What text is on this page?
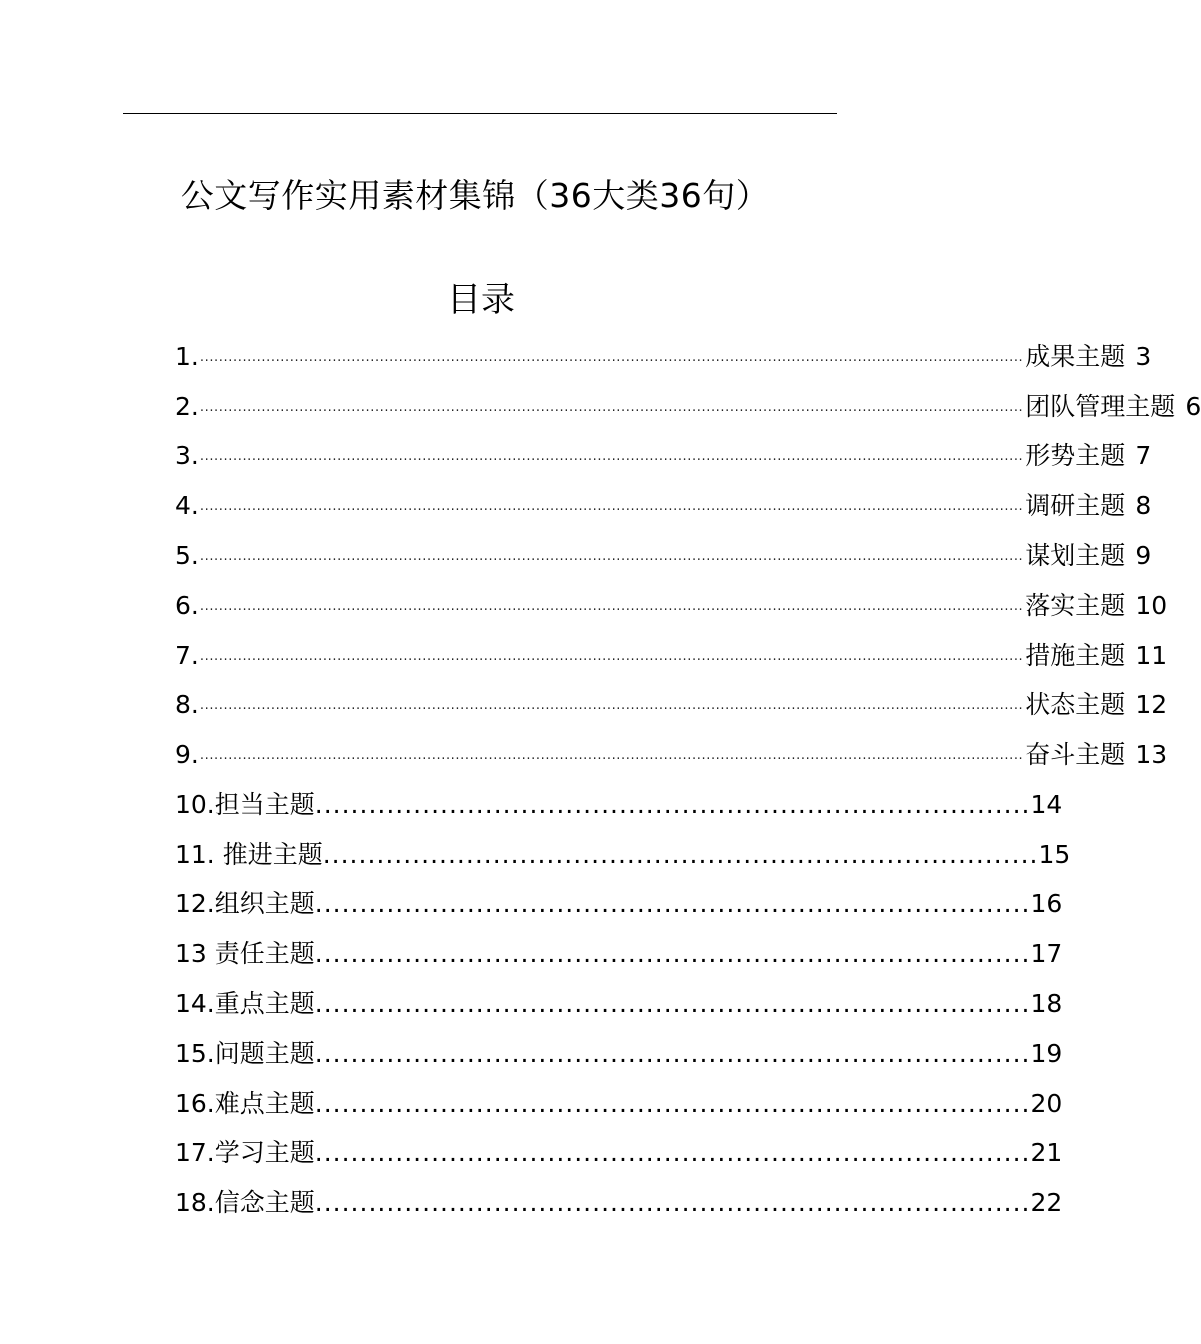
公文写作实用素材集锦（36大类36句）
目录
1. .............................................................................................................................................................................. 成果主题 3
2. .............................................................................................................................................................................. 团队管理主题 6
3. .............................................................................................................................................................................. 形势主题 7
4. .............................................................................................................................................................................. 调研主题 8
5. .............................................................................................................................................................................. 谋划主题 9
6. .............................................................................................................................................................................. 落实主题 10
7. .............................................................................................................................................................................. 措施主题 11
8. .............................................................................................................................................................................. 状态主题 12
9. .............................................................................................................................................................................. 奋斗主题 13
10.担当主题 ................................................................................ 14
11. 推进主题 ................................................................................ 15
12.组织主题 ................................................................................ 16
13 责任主题 ................................................................................ 17
14.重点主题 ................................................................................ 18
15.问题主题 ................................................................................ 19
16.难点主题 ................................................................................ 20
17.学习主题 ................................................................................ 21
18.信念主题 ................................................................................ 22
